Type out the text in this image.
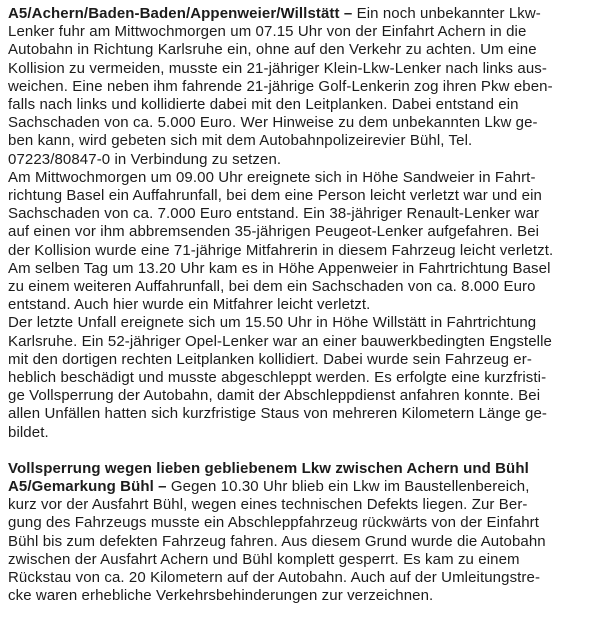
A5/Achern/Baden-Baden/Appenweier/Willstätt – Ein noch unbekannter Lkw-
Lenker fuhr am Mittwochmorgen um 07.15 Uhr von der Einfahrt Achern in die
Autobahn in Richtung Karlsruhe ein, ohne auf den Verkehr zu achten. Um eine
Kollision zu vermeiden, musste ein 21-jähriger Klein-Lkw-Lenker nach links aus-
weichen. Eine neben ihm fahrende 21-jährige Golf-Lenkerin zog ihren Pkw eben-
falls nach links und kollidierte dabei mit den Leitplanken. Dabei entstand ein
Sachschaden von ca. 5.000 Euro. Wer Hinweise zu dem unbekannten Lkw ge-
ben kann, wird gebeten sich mit dem Autobahnpolizeirevier Bühl, Tel.
07223/80847-0 in Verbindung zu setzen.
Am Mittwochmorgen um 09.00 Uhr ereignete sich in Höhe Sandweier in Fahrt-
richtung Basel ein Auffahrunfall, bei dem eine Person leicht verletzt war und ein
Sachschaden von ca. 7.000 Euro entstand. Ein 38-jähriger Renault-Lenker war
auf einen vor ihm abbremsenden 35-jährigen Peugeot-Lenker aufgefahren. Bei
der Kollision wurde eine 71-jährige Mitfahrerin in diesem Fahrzeug leicht verletzt.
Am selben Tag um 13.20 Uhr kam es in Höhe Appenweier in Fahrtrichtung Basel
zu einem weiteren Auffahrunfall, bei dem ein Sachschaden von ca. 8.000 Euro
entstand. Auch hier wurde ein Mitfahrer leicht verletzt.
Der letzte Unfall ereignete sich um 15.50 Uhr in Höhe Willstätt in Fahrtrichtung
Karlsruhe. Ein 52-jähriger Opel-Lenker war an einer bauwerkbedingten Engstelle
mit den dortigen rechten Leitplanken kollidiert. Dabei wurde sein Fahrzeug er-
heblich beschädigt und musste abgeschleppt werden. Es erfolgte eine kurzfristi-
ge Vollsperrung der Autobahn, damit der Abschleppdienst anfahren konnte. Bei
allen Unfällen hatten sich kurzfristige Staus von mehreren Kilometern Länge ge-
bildet.
Vollsperrung wegen lieben gebliebenem Lkw zwischen Achern und Bühl
A5/Gemarkung Bühl – Gegen 10.30 Uhr blieb ein Lkw im Baustellenbereich,
kurz vor der Ausfahrt Bühl, wegen eines technischen Defekts liegen. Zur Ber-
gung des Fahrzeugs musste ein Abschleppfahrzeug rückwärts von der Einfahrt
Bühl bis zum defekten Fahrzeug fahren. Aus diesem Grund wurde die Autobahn
zwischen der Ausfahrt Achern und Bühl komplett gesperrt. Es kam zu einem
Rückstau von ca. 20 Kilometern auf der Autobahn. Auch auf der Umleitungstre-
cke waren erhebliche Verkehrsbehinderungen zur verzeichnen.
